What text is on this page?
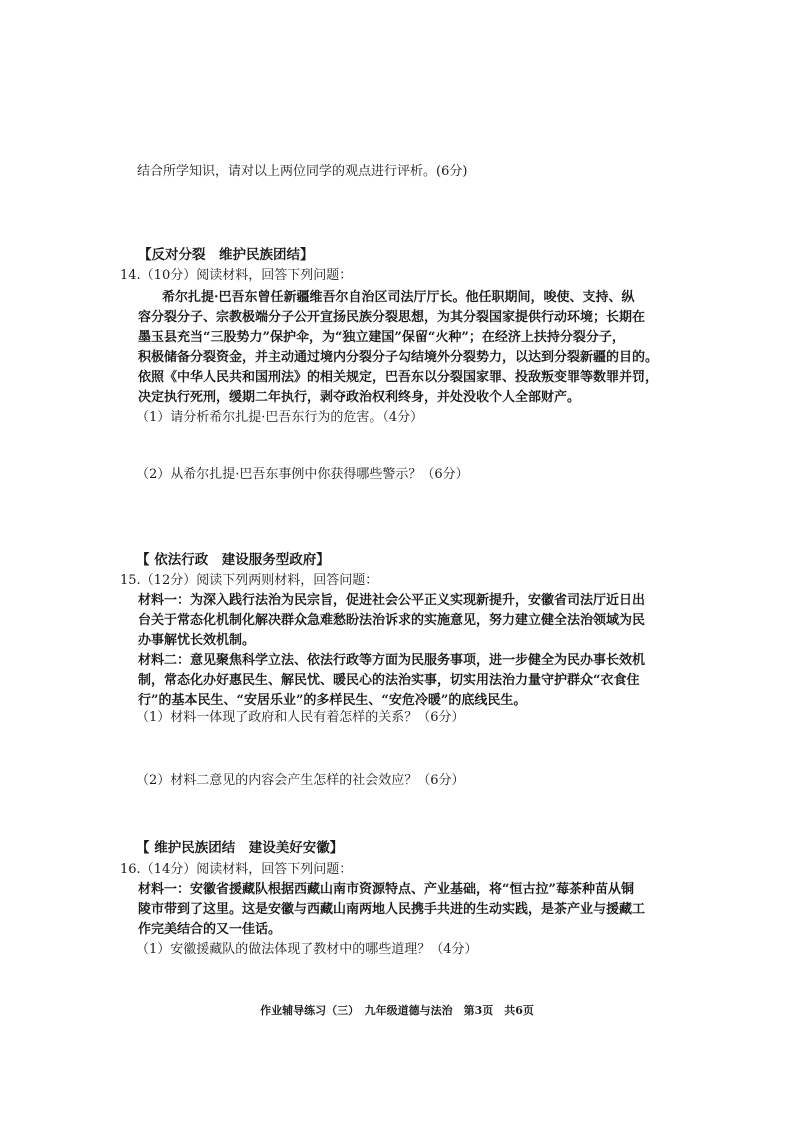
结合所学知识，请对以上两位同学的观点进行评析。(6分)
【反对分裂　维护民族团结】
14.（10分）阅读材料，回答下列问题：
希尔扎提·巴吾东曾任新疆维吾尔自治区司法厅厅长。他任职期间，唆使、支持、纵
容分裂分子、宗教极端分子公开宣扬民族分裂思想，为其分裂国家提供行动环境；长期在
墨玉县充当“三股势力”保护伞，为“独立建国”保留“火种”；在经济上扶持分裂分子，
积极储备分裂资金，并主动通过境内分裂分子勾结境外分裂势力，以达到分裂新疆的目的。
依照《中华人民共和国刑法》的相关规定，巴吾东以分裂国家罪、投敌叛变罪等数罪并罚，
决定执行死刑，缓期二年执行，剥夺政治权利终身，并处没收个人全部财产。
（1）请分析希尔扎提·巴吾东行为的危害。（4分）
（2）从希尔扎提·巴吾东事例中你获得哪些警示？（6分）
【 依法行政　建设服务型政府】
15.（12分）阅读下列两则材料，回答问题：
材料一：为深入践行法治为民宗旨，促进社会公平正义实现新提升，安徽省司法厅近日出
台关于常态化机制化解决群众急难愁盼法治诉求的实施意见，努力建立健全法治领域为民
办事解忧长效机制。
材料二：意见聚焦科学立法、依法行政等方面为民服务事项，进一步健全为民办事长效机
制，常态化办好惠民生、解民忧、暖民心的法治实事，切实用法治力量守护群众“衣食住
行”的基本民生、“安居乐业”的多样民生、“安危冷暖”的底线民生。
（1）材料一体现了政府和人民有着怎样的关系？（6分）
（2）材料二意见的内容会产生怎样的社会效应？（6分）
【 维护民族团结　建设美好安徽】
16.（14分）阅读材料，回答下列问题：
材料一：安徽省援藏队根据西藏山南市资源特点、产业基础，将“恒古拉”莓茶种苗从铜
陵市带到了这里。这是安徽与西藏山南两地人民携手共进的生动实践，是茶产业与援藏工
作完美结合的又一佳话。
（1）安徽援藏队的做法体现了教材中的哪些道理？（4分）
作业辅导练习（三）　九年级道德与法治　第3页　共6页
